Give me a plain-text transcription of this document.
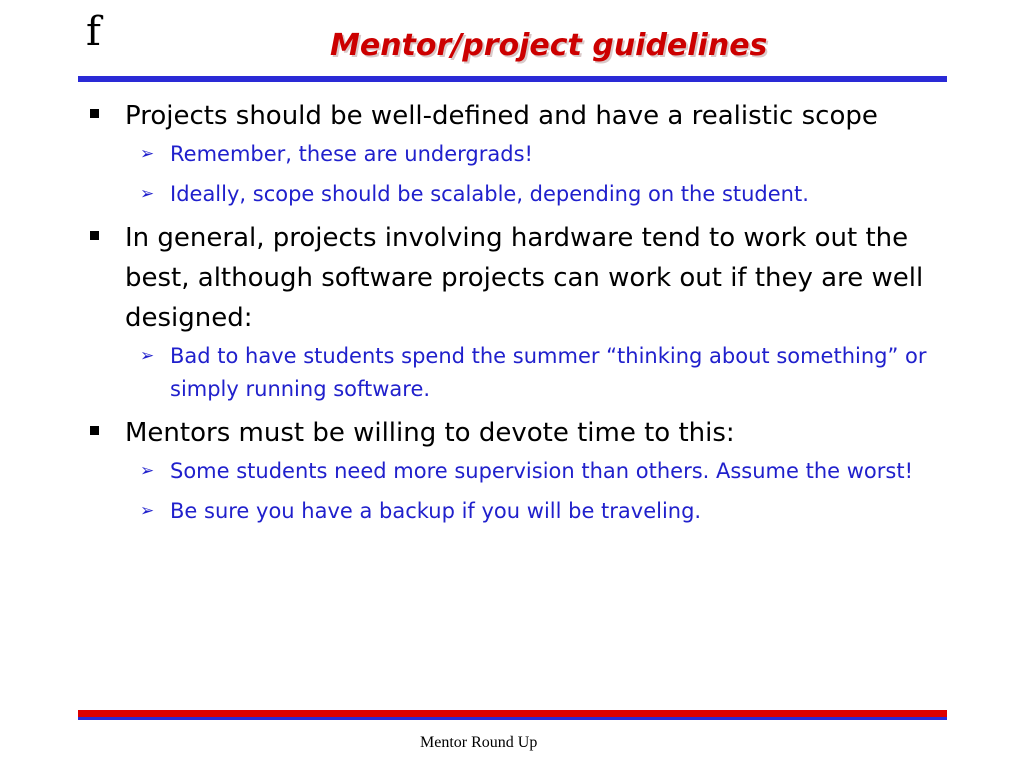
f	Mentor/project guidelines
Projects should be well-defined and have a realistic scope
➢ Remember, these are undergrads!
➢ Ideally, scope should be scalable, depending on the student.
In general, projects involving hardware tend to work out the best, although software projects can work out if they are well designed:
➢ Bad to have students spend the summer “thinking about something” or simply running software.
Mentors must be willing to devote time to this:
➢ Some students need more supervision than others. Assume the worst!
➢ Be sure you have a backup if you will be traveling.
Mentor Round Up
